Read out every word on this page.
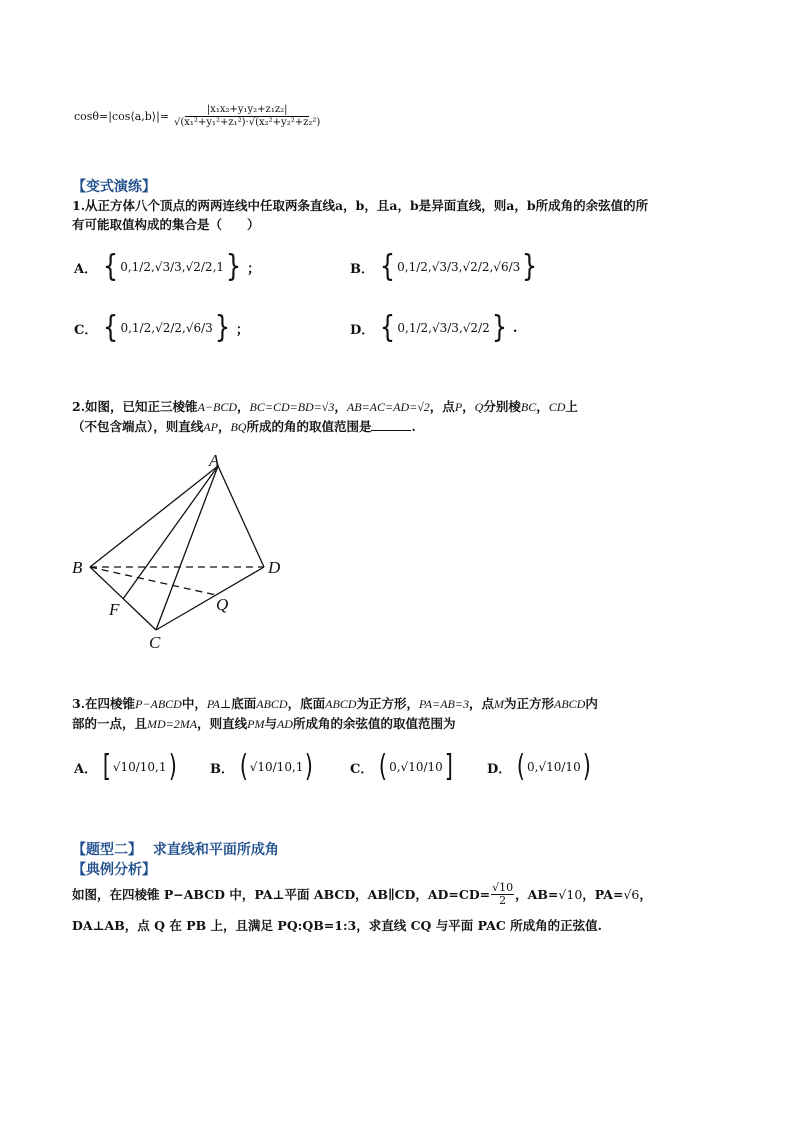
cosθ=|cos⟨a,b⟩|= $\frac{\text{|x₁x₂+y₁y₂+z₁z₂|}}{\text{√(x₁²+y₁²+z₁²)·√(x₂²+y₂²+z₂²)}}$
【变式演练】
1.从正方体八个顶点的两两连线中任取两条直线a，b，且a，b是异面直线，则a，b所成角的余弦值的所
有可能取值构成的集合是（　　）
A． { 0 , 1/2 , √3/3 , √2/2 , 1 } ；	B． { 0 , 1/2 , √3/3 , √2/2 , √6/3 }
C． { 0 , 1/2 , √2/2 , √6/3 } ；	D． { 0 , 1/2 , √3/3 , √2/2 } .
2.如图，已知正三棱锥A−BCD，BC=CD=BD=√3，AB=AC=AD=√2，点P，Q分别棱BC，CD上
（不包含端点），则直线AP，BQ所成的角的取值范围是	.
A
B	D
F	Q
C
3.在四棱锥P−ABCD中，PA⊥底面ABCD，底面ABCD为正方形，PA=AB=3，点M为正方形ABCD内
部的一点，且MD=2MA，则直线PM与AD所成角的余弦值的取值范围为
A． [ √10/10 , 1 )	B． ( √10/10 , 1 )	C． ( 0 , √10/10 ]	D． ( 0 , √10/10 )
【题型二】 求直线和平面所成角
【典例分析】
如图，在四棱锥 P−ABCD 中，PA⊥平面 ABCD，AB∥CD，$AD=CD= \frac{√10}{2}$ ，AB= √10 ，PA= √6 ，
DA⊥AB，点 Q 在 PB 上，且满足 PQ:QB=1:3，求直线 CQ 与平面 PAC 所成角的正弦值.
